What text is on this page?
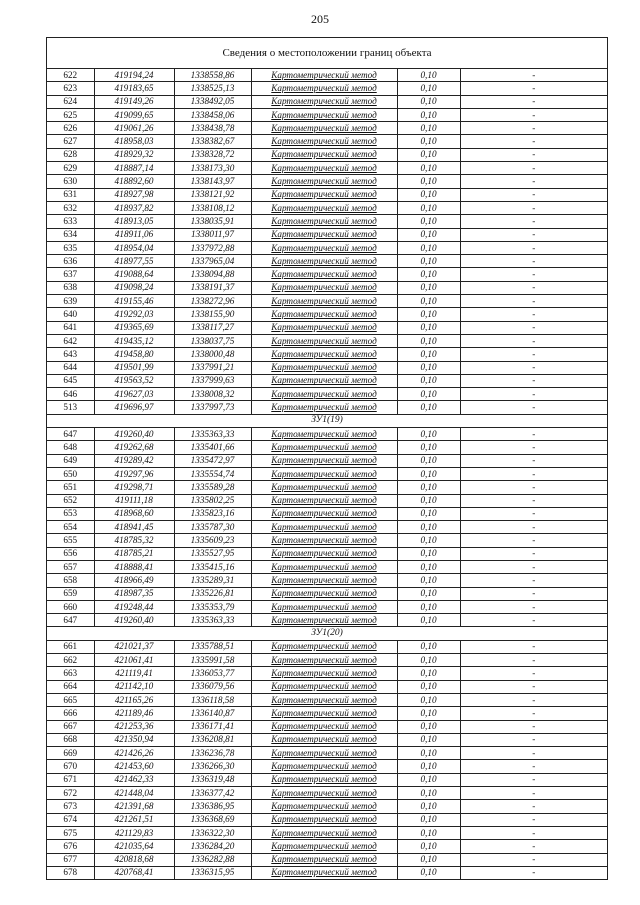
205
Сведения о местоположении границ объекта
622	419194,24	1338558,86	Картометрический метод	0,10	-
623	419183,65	1338525,13	Картометрический метод	0,10	-
624	419149,26	1338492,05	Картометрический метод	0,10	-
625	419099,65	1338458,06	Картометрический метод	0,10	-
626	419061,26	1338438,78	Картометрический метод	0,10	-
627	418958,03	1338382,67	Картометрический метод	0,10	-
628	418929,32	1338328,72	Картометрический метод	0,10	-
629	418887,14	1338173,30	Картометрический метод	0,10	-
630	418892,60	1338143,97	Картометрический метод	0,10	-
631	418927,98	1338121,92	Картометрический метод	0,10	-
632	418937,82	1338108,12	Картометрический метод	0,10	-
633	418913,05	1338035,91	Картометрический метод	0,10	-
634	418911,06	1338011,97	Картометрический метод	0,10	-
635	418954,04	1337972,88	Картометрический метод	0,10	-
636	418977,55	1337965,04	Картометрический метод	0,10	-
637	419088,64	1338094,88	Картометрический метод	0,10	-
638	419098,24	1338191,37	Картометрический метод	0,10	-
639	419155,46	1338272,96	Картометрический метод	0,10	-
640	419292,03	1338155,90	Картометрический метод	0,10	-
641	419365,69	1338117,27	Картометрический метод	0,10	-
642	419435,12	1338037,75	Картометрический метод	0,10	-
643	419458,80	1338000,48	Картометрический метод	0,10	-
644	419501,99	1337991,21	Картометрический метод	0,10	-
645	419563,52	1337999,63	Картометрический метод	0,10	-
646	419627,03	1338008,32	Картометрический метод	0,10	-
513	419696,97	1337997,73	Картометрический метод	0,10	-
ЗУ1(19)					
647	419260,40	1335363,33	Картометрический метод	0,10	-
648	419262,68	1335401,66	Картометрический метод	0,10	-
649	419289,42	1335472,97	Картометрический метод	0,10	-
650	419297,96	1335554,74	Картометрический метод	0,10	-
651	419298,71	1335589,28	Картометрический метод	0,10	-
652	419111,18	1335802,25	Картометрический метод	0,10	-
653	418968,60	1335823,16	Картометрический метод	0,10	-
654	418941,45	1335787,30	Картометрический метод	0,10	-
655	418785,32	1335609,23	Картометрический метод	0,10	-
656	418785,21	1335527,95	Картометрический метод	0,10	-
657	418888,41	1335415,16	Картометрический метод	0,10	-
658	418966,49	1335289,31	Картометрический метод	0,10	-
659	418987,35	1335226,81	Картометрический метод	0,10	-
660	419248,44	1335353,79	Картометрический метод	0,10	-
647	419260,40	1335363,33	Картометрический метод	0,10	-
ЗУ1(20)					
661	421021,37	1335788,51	Картометрический метод	0,10	-
662	421061,41	1335991,58	Картометрический метод	0,10	-
663	421119,41	1336053,77	Картометрический метод	0,10	-
664	421142,10	1336079,56	Картометрический метод	0,10	-
665	421165,26	1336118,58	Картометрический метод	0,10	-
666	421189,46	1336140,87	Картометрический метод	0,10	-
667	421253,36	1336171,41	Картометрический метод	0,10	-
668	421350,94	1336208,81	Картометрический метод	0,10	-
669	421426,26	1336236,78	Картометрический метод	0,10	-
670	421453,60	1336266,30	Картометрический метод	0,10	-
671	421462,33	1336319,48	Картометрический метод	0,10	-
672	421448,04	1336377,42	Картометрический метод	0,10	-
673	421391,68	1336386,95	Картометрический метод	0,10	-
674	421261,51	1336368,69	Картометрический метод	0,10	-
675	421129,83	1336322,30	Картометрический метод	0,10	-
676	421035,64	1336284,20	Картометрический метод	0,10	-
677	420818,68	1336282,88	Картометрический метод	0,10	-
678	420768,41	1336315,95	Картометрический метод	0,10	-
